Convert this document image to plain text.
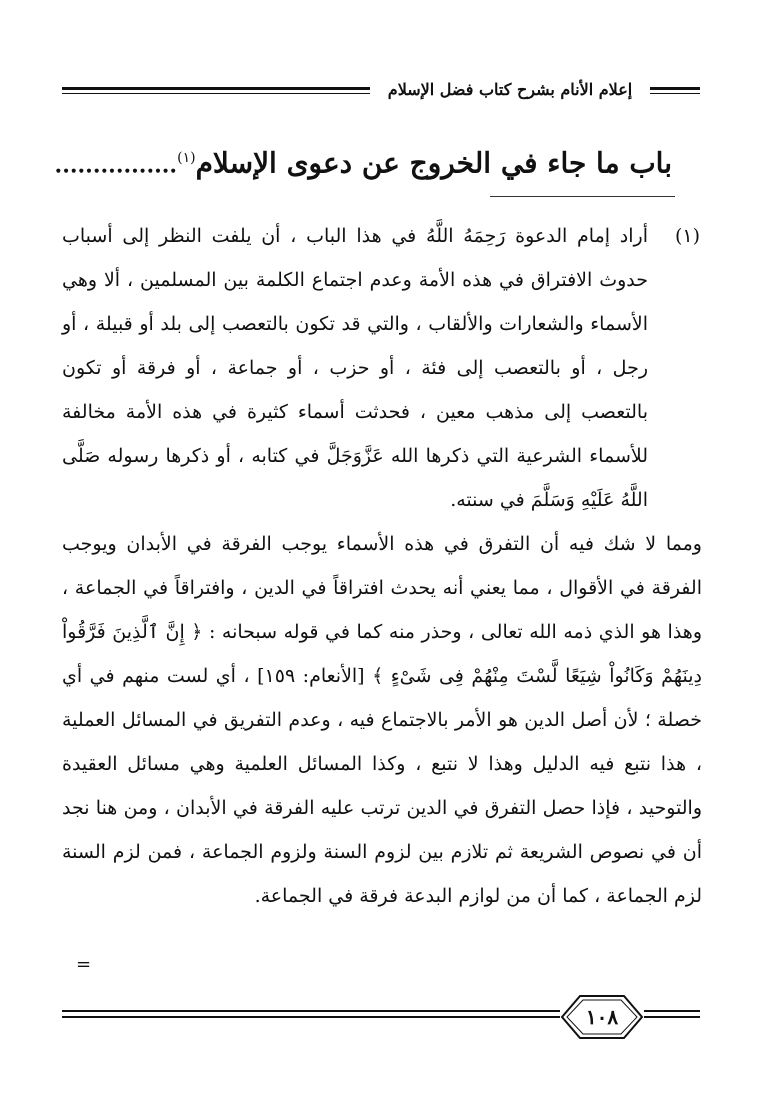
إعلام الأنام بشرح كتاب فضل الإسلام
باب ما جاء في الخروج عن دعوى الإسلام$^{(١)}$................
(١)
أراد إمام الدعوة رَحِمَهُ اللَّهُ في هذا الباب ، أن يلفت النظر إلى أسباب حدوث الافتراق في هذه الأمة وعدم اجتماع الكلمة بين المسلمين ، ألا وهي الأسماء والشعارات والألقاب ، والتي قد تكون بالتعصب إلى بلد أو قبيلة ، أو رجل ، أو بالتعصب إلى فئة ، أو حزب ، أو جماعة ، أو فرقة أو تكون بالتعصب إلى مذهب معين ، فحدثت أسماء كثيرة في هذه الأمة مخالفة للأسماء الشرعية التي ذكرها الله عَزَّوَجَلَّ في كتابه ، أو ذكرها رسوله صَلَّى اللَّهُ عَلَيْهِ وَسَلَّمَ في سنته.
ومما لا شك فيه أن التفرق في هذه الأسماء يوجب الفرقة في الأبدان ويوجب الفرقة في الأقوال ، مما يعني أنه يحدث افتراقاً في الدين ، وافتراقاً في الجماعة ، وهذا هو الذي ذمه الله تعالى ، وحذر منه كما في قوله سبحانه : ﴿ إِنَّ ٱلَّذِينَ فَرَّقُواْ دِينَهُمْ وَكَانُواْ شِيَعًا لَّسْتَ مِنْهُمْ فِى شَىْءٍ ﴾ [الأنعام: ١٥٩] ، أي لست منهم في أي خصلة ؛ لأن أصل الدين هو الأمر بالاجتماع فيه ، وعدم التفريق في المسائل العملية ، هذا نتبع فيه الدليل وهذا لا نتبع ، وكذا المسائل العلمية وهي مسائل العقيدة والتوحيد ، فإذا حصل التفرق في الدين ترتب عليه الفرقة في الأبدان ، ومن هنا نجد أن في نصوص الشريعة ثم تلازم بين لزوم السنة ولزوم الجماعة ، فمن لزم السنة لزم الجماعة ، كما أن من لوازم البدعة فرقة في الجماعة.
=
١٠٨
